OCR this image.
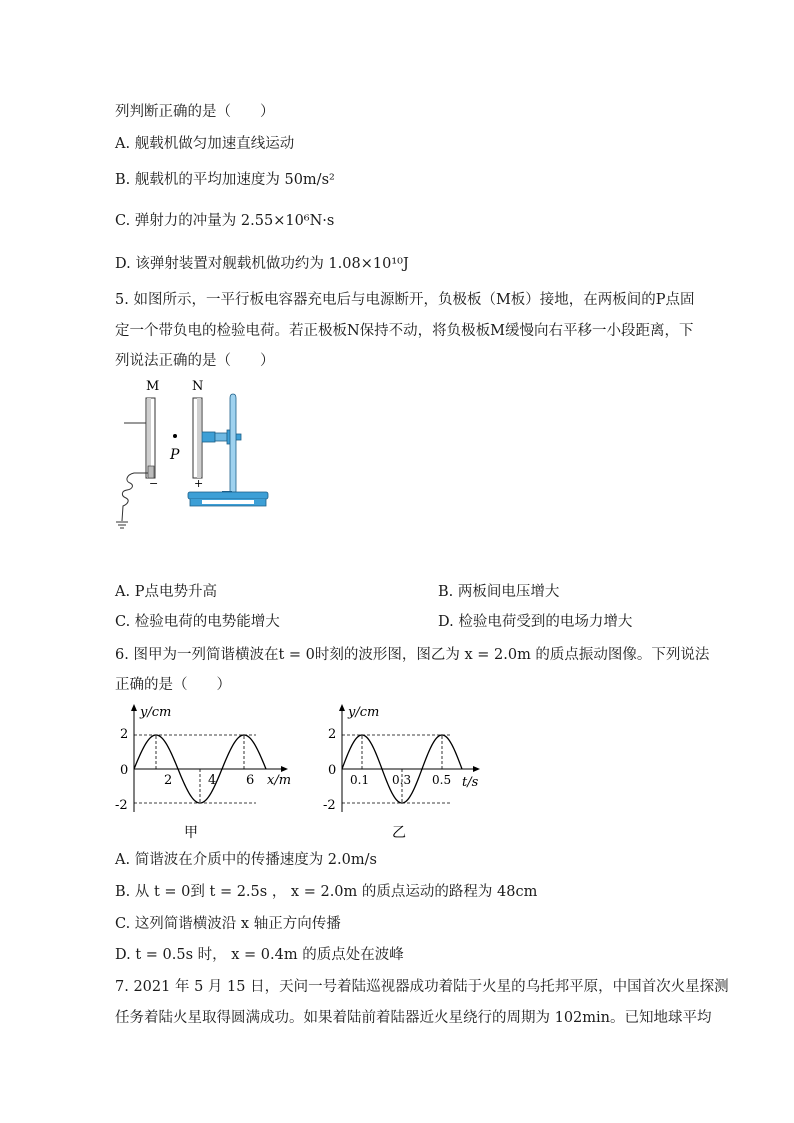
列判断正确的是（　　）
A. 舰载机做匀加速直线运动
B. 舰载机的平均加速度为 50m/s²
C. 弹射力的冲量为 2.55×10⁶N·s
D. 该弹射装置对舰载机做功约为 1.08×10¹⁰J
5. 如图所示，一平行板电容器充电后与电源断开，负极板（M板）接地，在两板间的P点固
定一个带负电的检验电荷。若正极板N保持不动，将负极板M缓慢向右平移一小段距离，下
列说法正确的是（　　）
M	N
−
P
+
A. P点电势升高	B. 两板间电压增大
C. 检验电荷的电势能增大	D. 检验电荷受到的电场力增大
6. 图甲为一列简谐横波在t = 0时刻的波形图，图乙为 x = 2.0m 的质点振动图像。下列说法
正确的是（　　）
y/cm
x/m
2
0
-2
2	4 6
甲
y/cm
t/s
2
0
-2
0.1 0.3 0.5
乙
A. 简谐波在介质中的传播速度为 2.0m/s
B. 从 t = 0到 t = 2.5s ， x = 2.0m 的质点运动的路程为 48cm
C. 这列简谐横波沿 x 轴正方向传播
D. t = 0.5s 时， x = 0.4m 的质点处在波峰
7. 2021 年 5 月 15 日，天问一号着陆巡视器成功着陆于火星的乌托邦平原，中国首次火星探测
任务着陆火星取得圆满成功。如果着陆前着陆器近火星绕行的周期为 102min。已知地球平均
